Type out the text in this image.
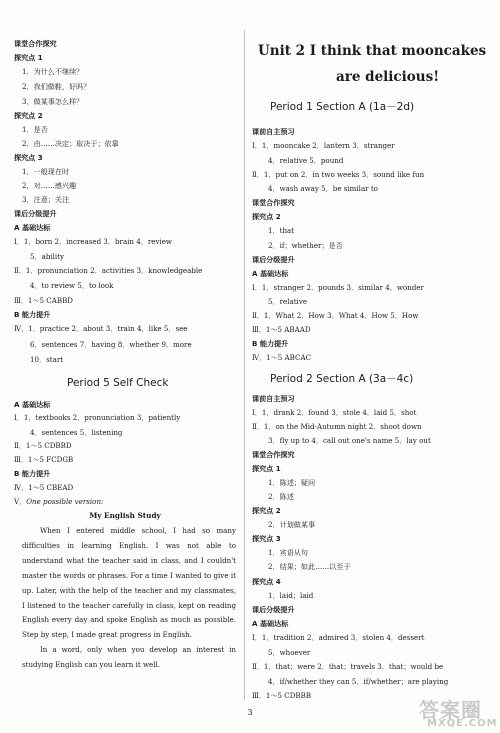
课堂合作探究
探究点 1
1．为什么不继续？
2．我们做鞋，好吗？
3．做某事怎么样？
探究点 2
1．是否
2．由……决定；取决于；依靠
探究点 3
1．一般现在时
2．对……感兴趣
3．注意；关注
课后分级提升
A 基础达标
Ⅰ．1．born 2．increased 3．brain 4．review
5．ability
Ⅱ．1．pronunciation 2．activities 3．knowledgeable
4．to review 5．to look
Ⅲ．1～5 CABBD
B 能力提升
Ⅳ．1．practice 2．about 3．train 4．like 5．see
6．sentences 7．having 8．whether 9．more
10．start
Period 5 Self Check
A 基础达标
Ⅰ．1．textbooks 2．pronunciation 3．patiently
4．sentences 5．listening
Ⅱ．1～5 CDBBD
Ⅲ．1～5 FCDGB
B 能力提升
Ⅳ．1～5 CBEAD
Ⅴ．One possible version:
My English Study

When I entered middle school, I had so many difficulties in learning English. I was not able to understand what the teacher said in class, and I couldn't master the words or phrases. For a time I wanted to give it up. Later, with the help of the teacher and my classmates, I listened to the teacher carefully in class, kept on reading English every day and spoke English as much as possible. Step by step, I made great progress in English.

In a word, only when you develop an interest in studying English can you learn it well.

Unit 2 I think that mooncakes
are delicious!
Period 1 Section A (1a－2d)
课前自主预习
Ⅰ．1．mooncake 2．lantern 3．stranger
4．relative 5．pound
Ⅱ．1．put on 2．in two weeks 3．sound like fun
4．wash away 5．be similar to
课堂合作探究
探究点 2
1．that
2．if；whether；是否
课后分级提升
A 基础达标
Ⅰ．1．stranger 2．pounds 3．similar 4．wonder
5．relative
Ⅱ．1．What 2．How 3．What 4．How 5．How
Ⅲ．1～5 ABAAD
B 能力提升
Ⅳ．1～5 ABCAC
Period 2 Section A (3a－4c)
课前自主预习
Ⅰ．1．drank 2．found 3．stole 4．laid 5．shot
Ⅱ．1．on the Mid-Autumn night 2．shoot down
3．fly up to 4．call out one's name 5．lay out
课堂合作探究
探究点 1
1．陈述；疑问
2．陈述
探究点 2
2．计划做某事
探究点 3
1．宾语从句
2．结果；如此……以至于
探究点 4
1．laid；laid
课后分级提升
A 基础达标
Ⅰ．1．tradition 2．admired 3．stolen 4．dessert
5．whoever
Ⅱ．1．that；were 2．that；travels 3．that；would be
4．if/whether they can 5．if/whether；are playing
Ⅲ．1～5 CDBBB
3	答案圈
MXQE.COM
